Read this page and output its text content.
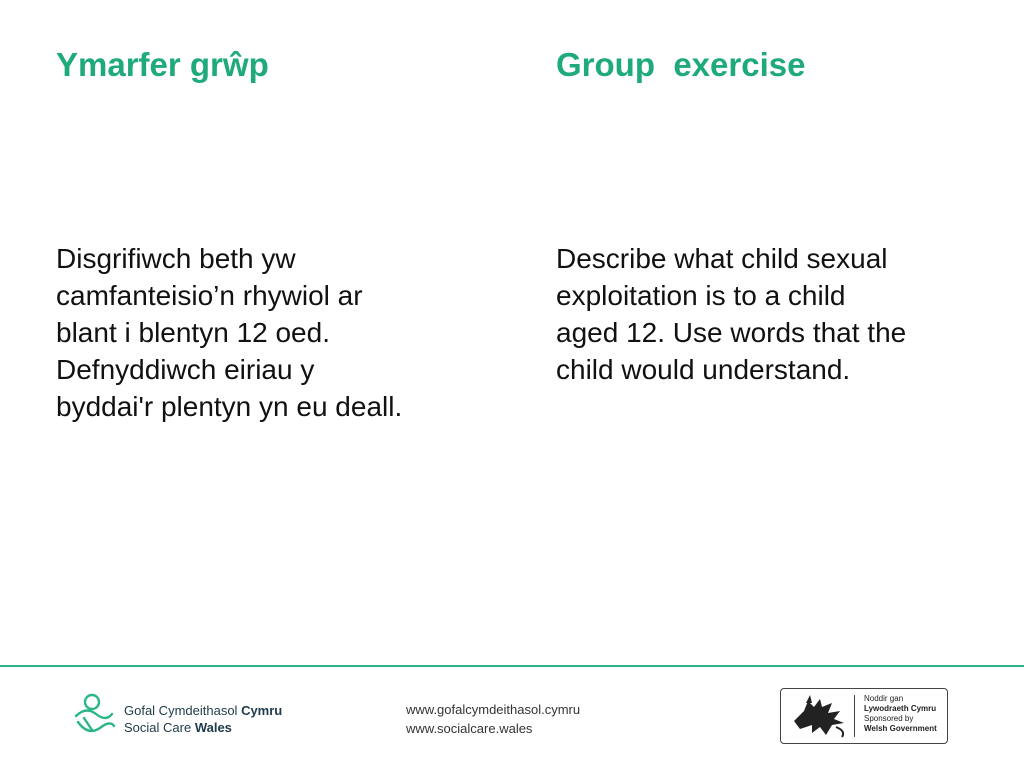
Ymarfer grŵp	Group  exercise
Disgrifiwch beth yw
camfanteisio’n rhywiol ar
blant i blentyn 12 oed.
Defnyddiwch eiriau y
byddai'r plentyn yn eu deall.
Describe what child sexual
exploitation is to a child
aged 12. Use words that the
child would understand.
Gofal Cymdeithasol Cymru
Social Care Wales
www.gofalcymdeithasol.cymru
www.socialcare.wales
Noddir gan
Lywodraeth Cymru
Sponsored by
Welsh Government
